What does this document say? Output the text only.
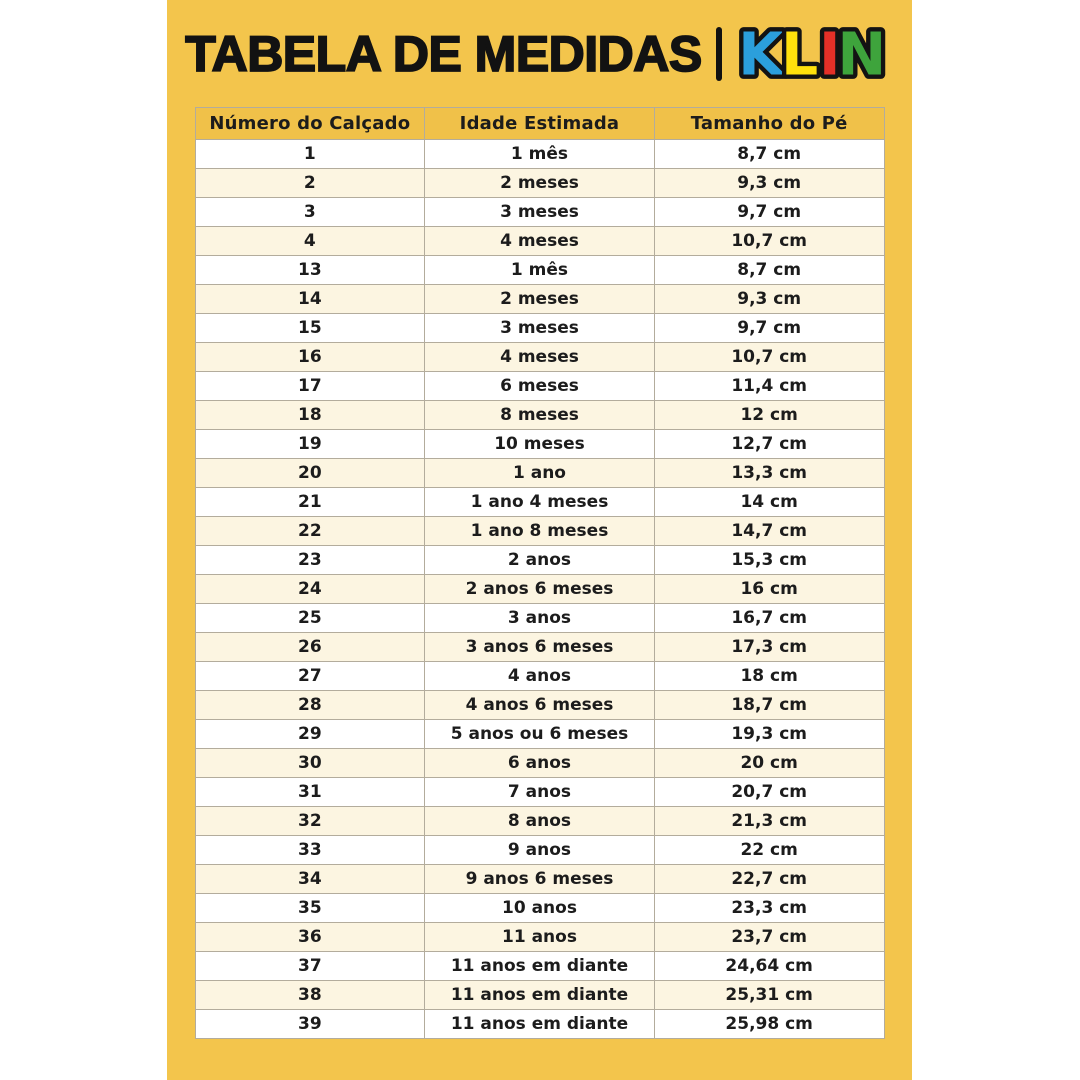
TABELA DE MEDIDAS K
L I
N
Número do Calçado	Idade Estimada	Tamanho do Pé
1	1 mês	8,7 cm
2	2 meses	9,3 cm
3	3 meses	9,7 cm
4	4 meses	10,7 cm
13	1 mês	8,7 cm
14	2 meses	9,3 cm
15	3 meses	9,7 cm
16	4 meses	10,7 cm
17	6 meses	11,4 cm
18	8 meses	12 cm
19	10 meses	12,7 cm
20	1 ano	13,3 cm
21	1 ano 4 meses	14 cm
22	1 ano 8 meses	14,7 cm
23	2 anos	15,3 cm
24	2 anos 6 meses	16 cm
25	3 anos	16,7 cm
26	3 anos 6 meses	17,3 cm
27	4 anos	18 cm
28	4 anos 6 meses	18,7 cm
29	5 anos ou 6 meses	19,3 cm
30	6 anos	20 cm
31	7 anos	20,7 cm
32	8 anos	21,3 cm
33	9 anos	22 cm
34	9 anos 6 meses	22,7 cm
35	10 anos	23,3 cm
36	11 anos	23,7 cm
37	11 anos em diante	24,64 cm
38	11 anos em diante	25,31 cm
39	11 anos em diante	25,98 cm
